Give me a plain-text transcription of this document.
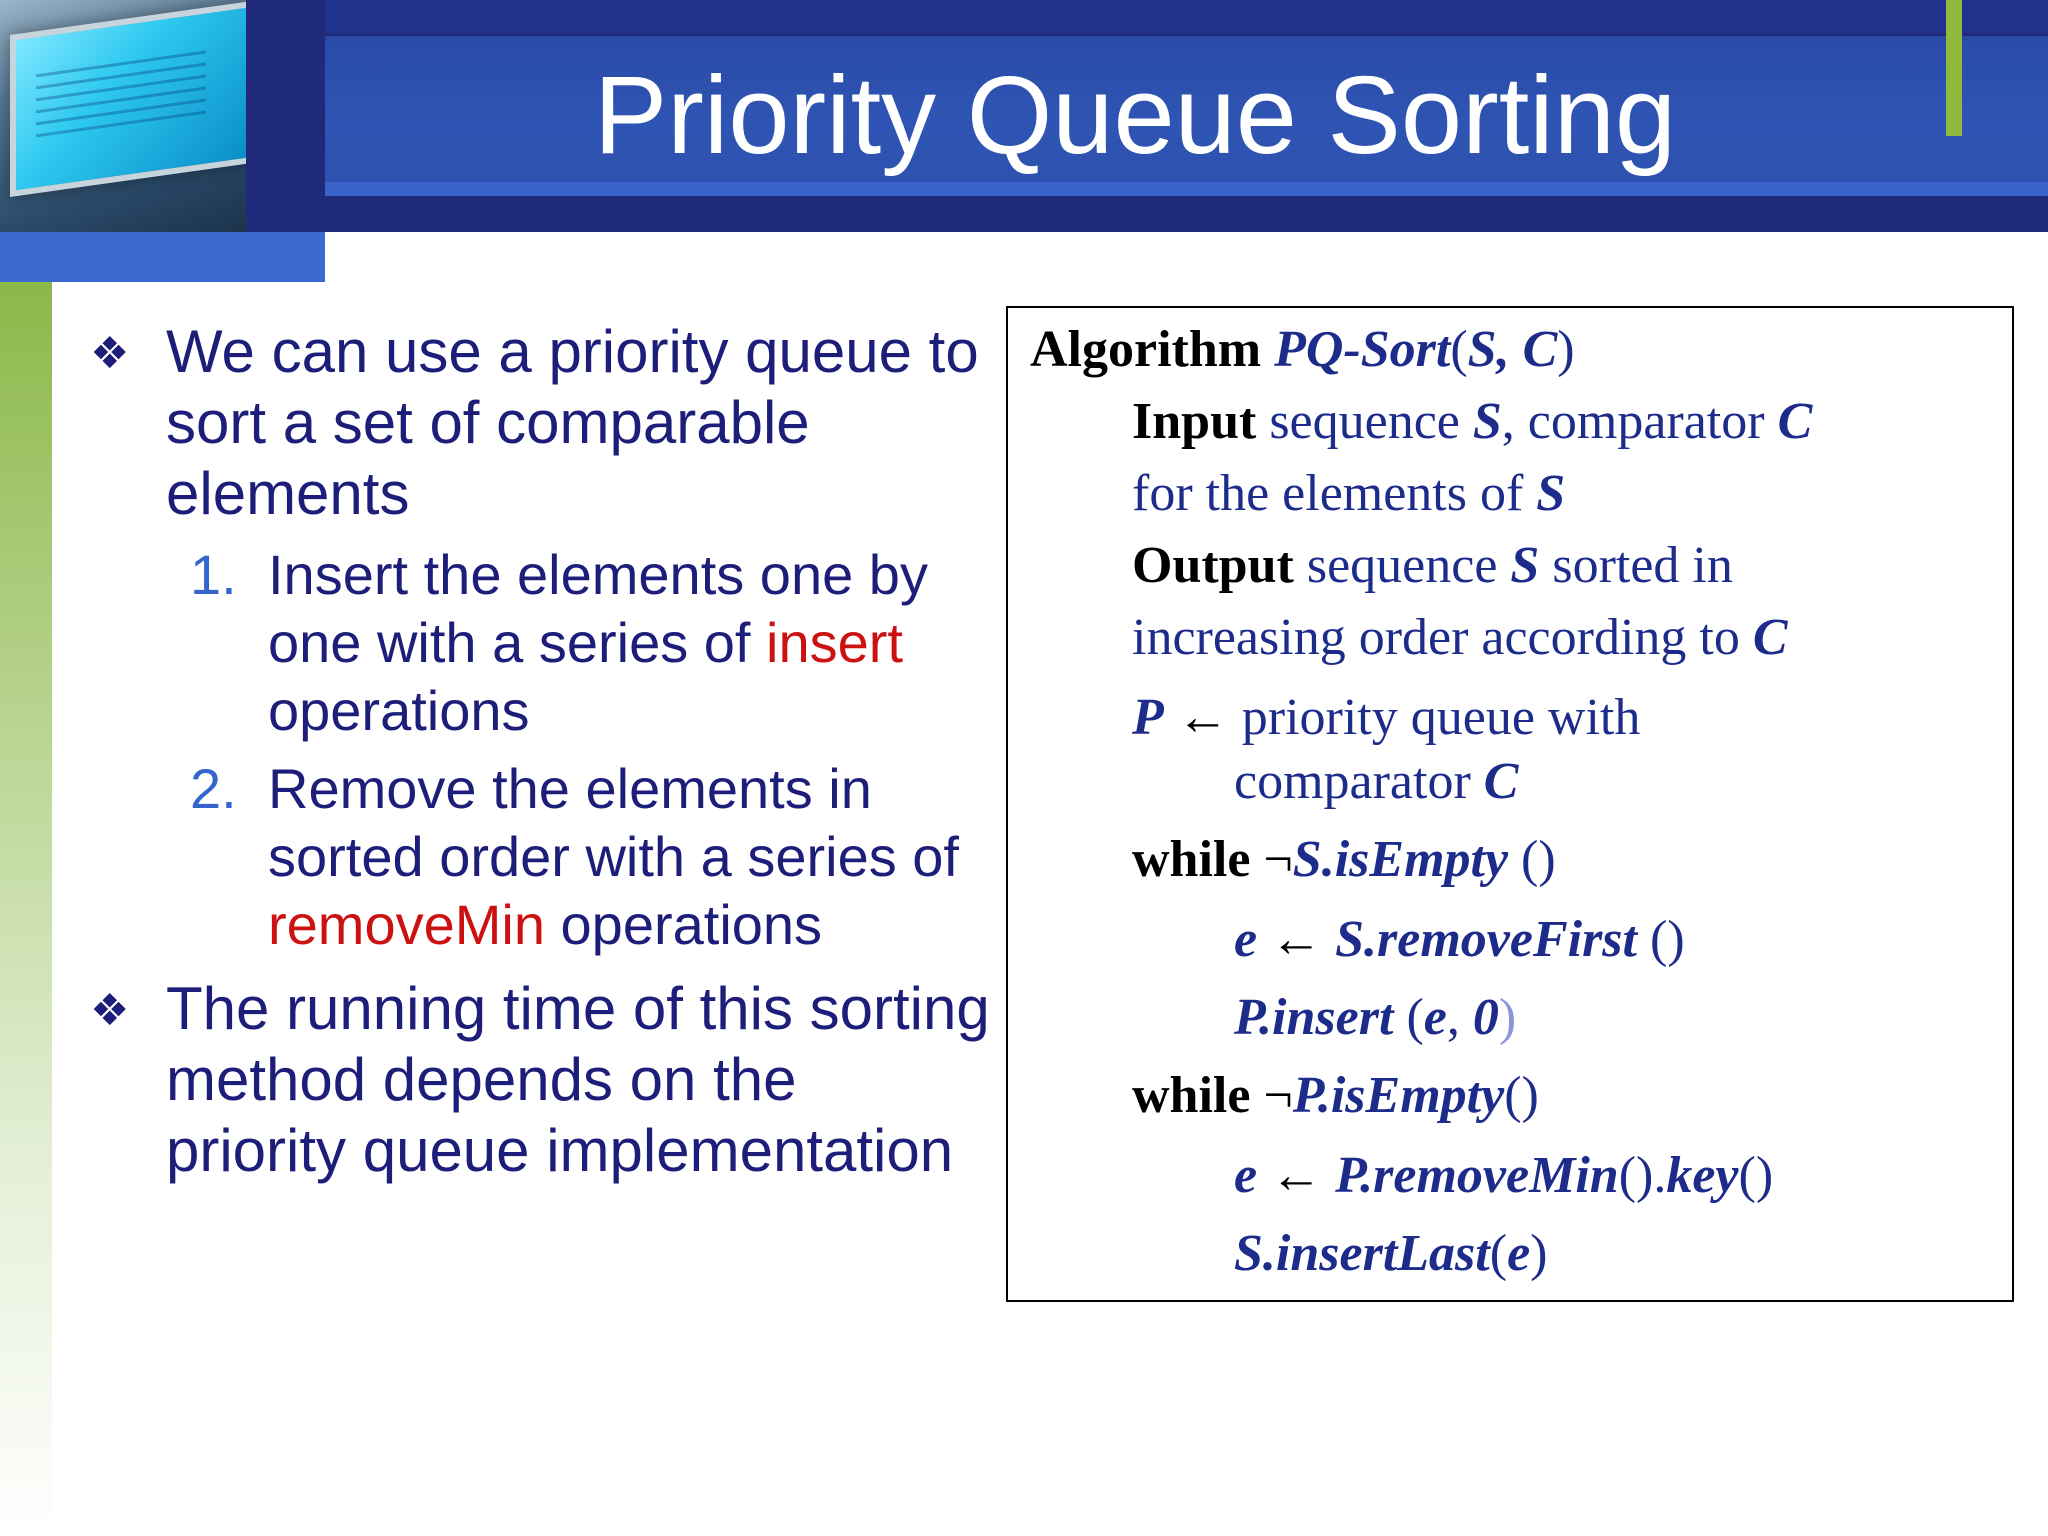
Priority Queue Sorting
❖ We can use a priority queue to sort a set of comparable elements
1. Insert the elements one by one with a series of insert operations
2. Remove the elements in sorted order with a series of removeMin operations
❖ The running time of this sorting method depends on the priority queue implementation
Algorithm PQ-Sort(S, C)
Input sequence S, comparator C
for the elements of S
Output sequence S sorted in
increasing order according to C
P ← priority queue with
comparator C
while ¬S.isEmpty ()
e ← S.removeFirst ()
P.insert (e, 0)
while ¬P.isEmpty()
e ← P.removeMin().key()
S.insertLast(e)
